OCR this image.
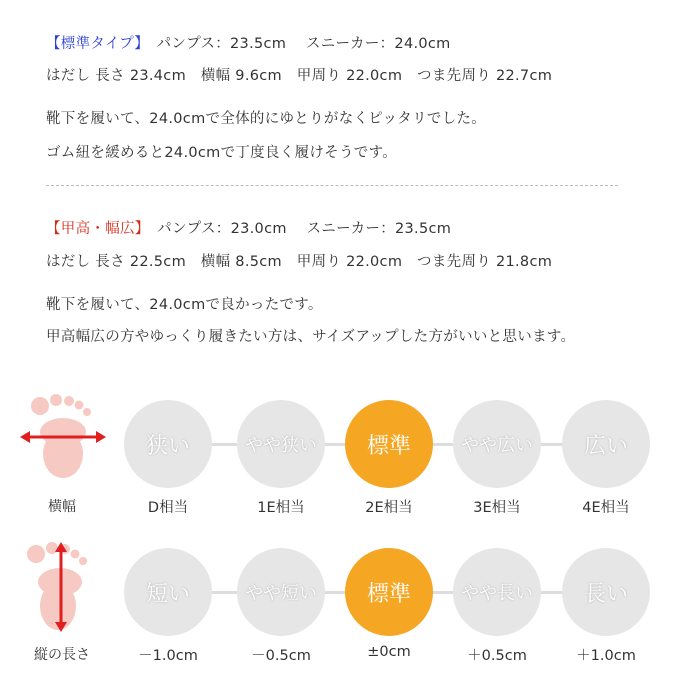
【標準タイプ】　 パンプス：23.5cm　 スニーカー：24.0cm
はだし 長さ 23.4cm　横幅 9.6cm　甲周り 22.0cm　つま先周り 22.7cm
靴下を履いて、24.0cmで全体的にゆとりがなくピッタリでした。
ゴム紐を緩めると24.0cmで丁度良く履けそうです。
【甲高・幅広】　 パンプス：23.0cm　 スニーカー：23.5cm
はだし 長さ 22.5cm　横幅 8.5cm　甲周り 22.0cm　つま先周り 21.8cm
靴下を履いて、24.0cmで良かったです。
甲高幅広の方やゆっくり履きたい方は、サイズアップした方がいいと思います。
横幅
狭い
D相当
やや狭い
1E相当
標準
2E相当
やや広い
3E相当
広い
4E相当
縦の長さ
短い
－1.0cm
やや短い
－0.5cm
標準
±0cm
やや長い
＋0.5cm
長い
＋1.0cm
